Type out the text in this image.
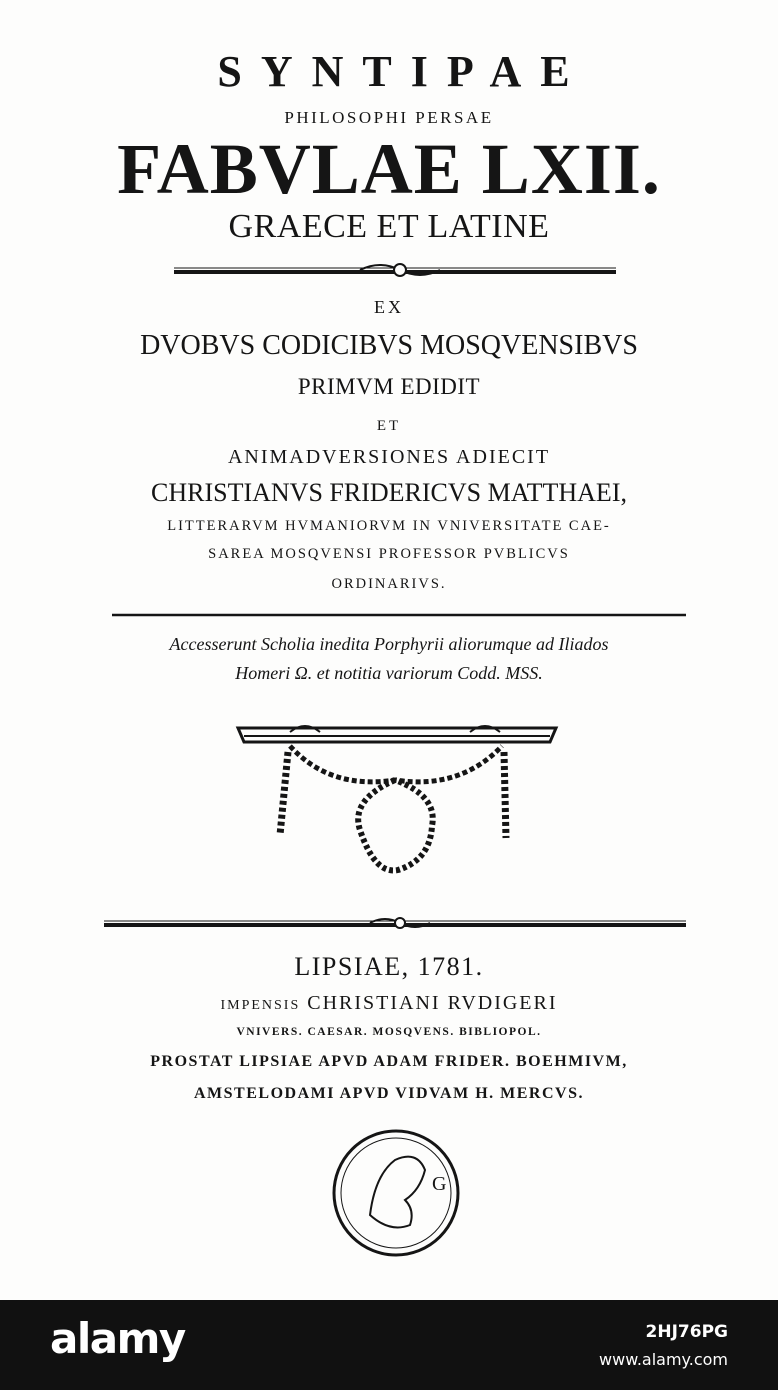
SYNTIPAE
PHILOSOPHI PERSAE
FABVLAE LXII.
GRAECE ET LATINE
EX
DVOBVS CODICIBVS MOSQVENSIBVS
PRIMVM EDIDIT
ET
ANIMADVERSIONES ADIECIT
CHRISTIANVS FRIDERICVS MATTHAEI,
LITTERARVM HVMANIORVM IN VNIVERSITATE CAE-
SAREA MOSQVENSI PROFESSOR PVBLICVS
ORDINARIVS.
Accesserunt Scholia inedita Porphyrii aliorumque ad Iliados
Homeri Ω. et notitia variorum Codd. MSS.
LIPSIAE, 1781.
IMPENSIS CHRISTIANI RVDIGERI
VNIVERS. CAESAR. MOSQVENS. BIBLIOPOL.
PROSTAT LIPSIAE APVD ADAM FRIDER. BOEHMIVM,
AMSTELODAMI APVD VIDVAM H. MERCVS.
G
alamy	2HJ76PG
www.alamy.com
